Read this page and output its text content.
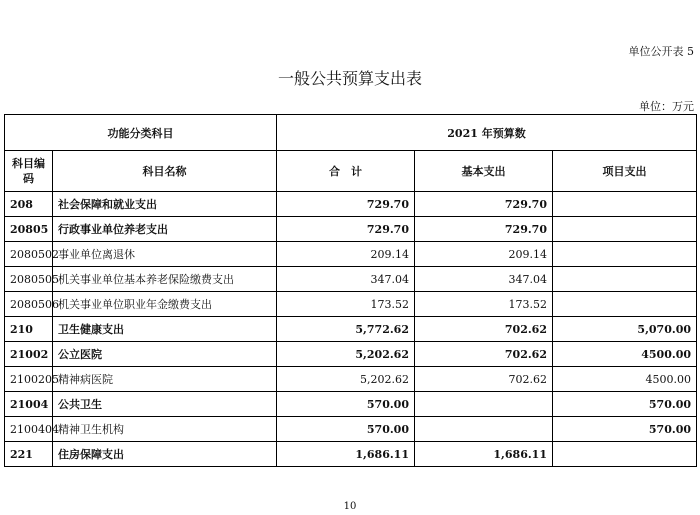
单位公开表 5
一般公共预算支出表
单位：万元
功能分类科目		2021 年预算数		
科目编码	科目名称	合　计	基本支出	项目支出
208	社会保障和就业支出	729.70	729.70	
20805	行政事业单位养老支出	729.70	729.70	
2080502	事业单位离退休	209.14	209.14	
2080505	机关事业单位基本养老保险缴费支出	347.04	347.04	
2080506	机关事业单位职业年金缴费支出	173.52	173.52	
210	卫生健康支出	5,772.62	702.62	5,070.00
21002	公立医院	5,202.62	702.62	4500.00
2100205	精神病医院	5,202.62	702.62	4500.00
21004	公共卫生	570.00		570.00
2100404	精神卫生机构	570.00		570.00
221	住房保障支出	1,686.11	1,686.11	
10
